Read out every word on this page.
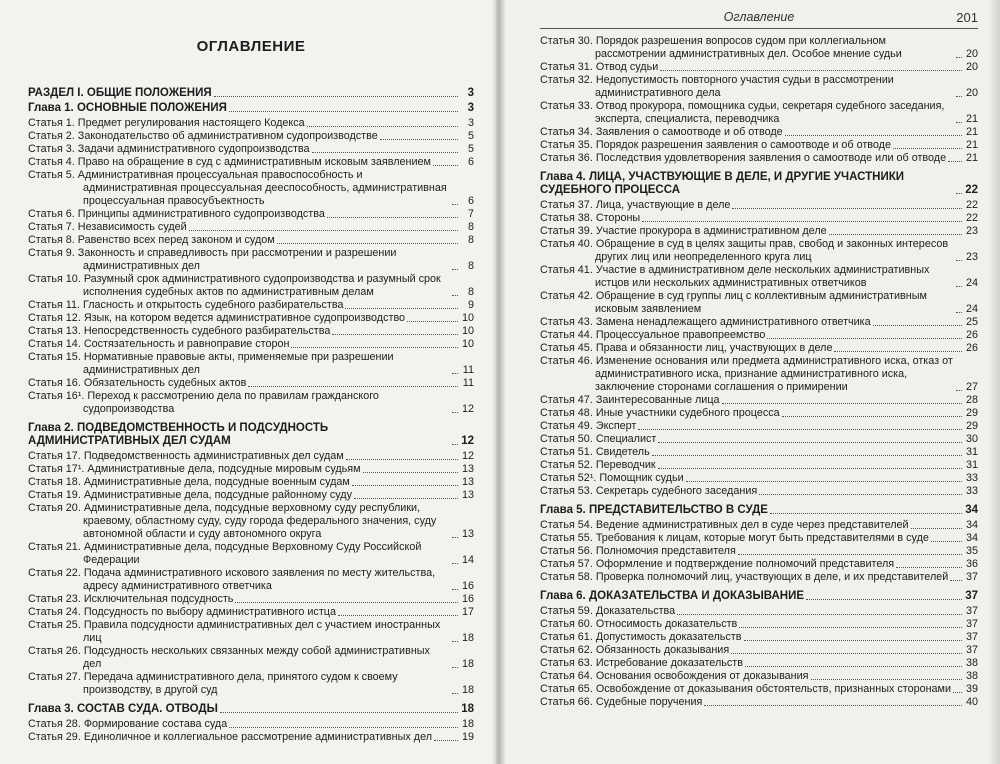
ОГЛАВЛЕНИЕ
РАЗДЕЛ I. ОБЩИЕ ПОЛОЖЕНИЯ	3
Глава 1. ОСНОВНЫЕ ПОЛОЖЕНИЯ	3
Статья 1. Предмет регулирования настоящего Кодекса	3
Статья 2. Законодательство об административном судопроизводстве	5
Статья 3. Задачи административного судопроизводства	5
Статья 4. Право на обращение в суд с административным исковым заявлением	6
Статья 5. Административная процессуальная правоспособность и административная процессуальная дееспособность, административная процессуальная правосубъектность	6
Статья 6. Принципы административного судопроизводства	7
Статья 7. Независимость судей	8
Статья 8. Равенство всех перед законом и судом	8
Статья 9. Законность и справедливость при рассмотрении и разрешении административных дел	8
Статья 10. Разумный срок административного судопроизводства и разумный срок исполнения судебных актов по административным делам	8
Статья 11. Гласность и открытость судебного разбирательства	9
Статья 12. Язык, на котором ведется административное судопроизводство	10
Статья 13. Непосредственность судебного разбирательства	10
Статья 14. Состязательность и равноправие сторон	10
Статья 15. Нормативные правовые акты, применяемые при разрешении административных дел	11
Статья 16. Обязательность судебных актов	11
Статья 16¹. Переход к рассмотрению дела по правилам гражданского судопроизводства	12
Глава 2. ПОДВЕДОМСТВЕННОСТЬ И ПОДСУДНОСТЬ АДМИНИСТРАТИВНЫХ ДЕЛ СУДАМ	12
Статья 17. Подведомственность административных дел судам	12
Статья 17¹. Административные дела, подсудные мировым судьям	13
Статья 18. Административные дела, подсудные военным судам	13
Статья 19. Административные дела, подсудные районному суду	13
Статья 20. Административные дела, подсудные верховному суду республики, краевому, областному суду, суду города федерального значения, суду автономной области и суду автономного округа	13
Статья 21. Административные дела, подсудные Верховному Суду Российской Федерации	14
Статья 22. Подача административного искового заявления по месту жительства, адресу административного ответчика	16
Статья 23. Исключительная подсудность	16
Статья 24. Подсудность по выбору административного истца	17
Статья 25. Правила подсудности административных дел с участием иностранных лиц	18
Статья 26. Подсудность нескольких связанных между собой административных дел	18
Статья 27. Передача административного дела, принятого судом к своему производству, в другой суд	18
Глава 3. СОСТАВ СУДА. ОТВОДЫ	18
Статья 28. Формирование состава суда	18
Статья 29. Единоличное и коллегиальное рассмотрение административных дел	19
Оглавление	201
Статья 30. Порядок разрешения вопросов судом при коллегиальном рассмотрении административных дел. Особое мнение судьи	20
Статья 31. Отвод судьи	20
Статья 32. Недопустимость повторного участия судьи в рассмотрении административного дела	20
Статья 33. Отвод прокурора, помощника судьи, секретаря судебного заседания, эксперта, специалиста, переводчика	21
Статья 34. Заявления о самоотводе и об отводе	21
Статья 35. Порядок разрешения заявления о самоотводе и об отводе	21
Статья 36. Последствия удовлетворения заявления о самоотводе или об отводе 21
Глава 4. ЛИЦА, УЧАСТВУЮЩИЕ В ДЕЛЕ, И ДРУГИЕ УЧАСТНИКИ СУДЕБНОГО ПРОЦЕССА	22
Статья 37. Лица, участвующие в деле	22
Статья 38. Стороны	22
Статья 39. Участие прокурора в административном деле	23
Статья 40. Обращение в суд в целях защиты прав, свобод и законных интересов других лиц или неопределенного круга лиц	23
Статья 41. Участие в административном деле нескольких административных истцов или нескольких административных ответчиков	24
Статья 42. Обращение в суд группы лиц с коллективным административным исковым заявлением	24
Статья 43. Замена ненадлежащего административного ответчика	25
Статья 44. Процессуальное правопреемство	26
Статья 45. Права и обязанности лиц, участвующих в деле	26
Статья 46. Изменение основания или предмета административного иска, отказ от административного иска, признание административного иска, заключение сторонами соглашения о примирении	27
Статья 47. Заинтересованные лица	28
Статья 48. Иные участники судебного процесса	29
Статья 49. Эксперт	29
Статья 50. Специалист	30
Статья 51. Свидетель	31
Статья 52. Переводчик	31
Статья 52¹. Помощник судьи	33
Статья 53. Секретарь судебного заседания	33
Глава 5. ПРЕДСТАВИТЕЛЬСТВО В СУДЕ	34
Статья 54. Ведение административных дел в суде через представителей	34
Статья 55. Требования к лицам, которые могут быть представителями в суде	34
Статья 56. Полномочия представителя	35
Статья 57. Оформление и подтверждение полномочий представителя	36
Статья 58. Проверка полномочий лиц, участвующих в деле, и их представителей 37
Глава 6. ДОКАЗАТЕЛЬСТВА И ДОКАЗЫВАНИЕ	37
Статья 59. Доказательства	37
Статья 60. Относимость доказательств	37
Статья 61. Допустимость доказательств	37
Статья 62. Обязанность доказывания	37
Статья 63. Истребование доказательств	38
Статья 64. Основания освобождения от доказывания	38
Статья 65. Освобождение от доказывания обстоятельств, признанных сторонами 39
Статья 66. Судебные поручения	40
